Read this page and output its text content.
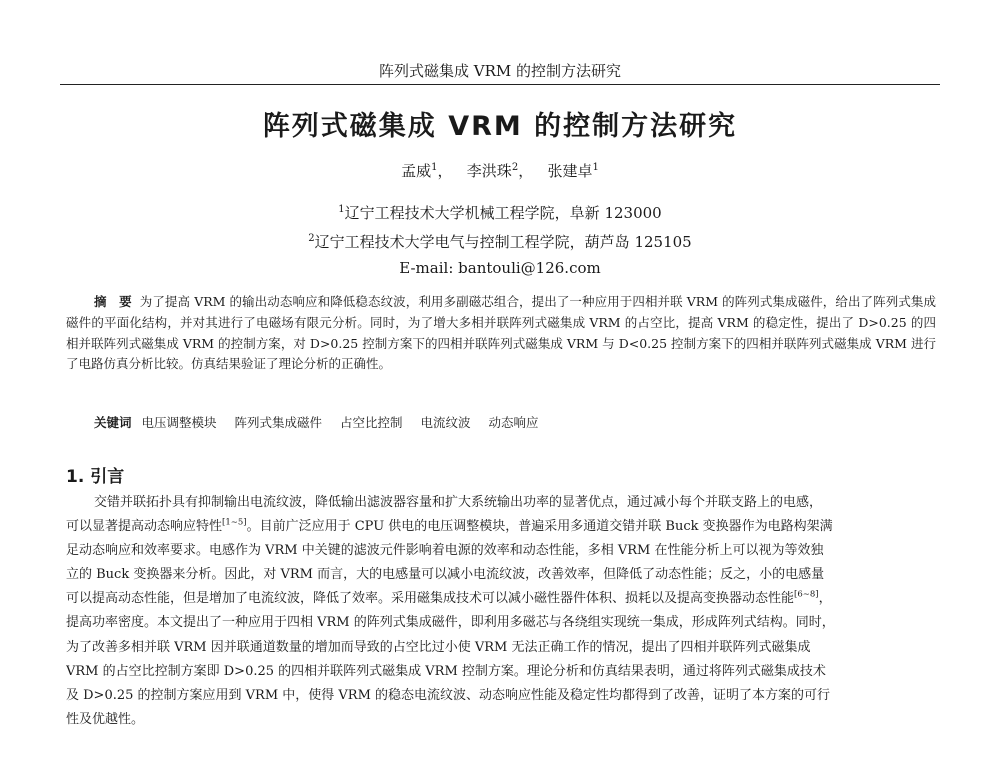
阵列式磁集成 VRM 的控制方法研究
阵列式磁集成 VRM 的控制方法研究
孟威$^1$， 李洪珠$^2$， 张建卓$^1$
$^1$辽宁工程技术大学机械工程学院，阜新 123000
$^2$辽宁工程技术大学电气与控制工程学院，葫芦岛 125105
E-mail: bantouli@126.com
摘　要 为了提高 VRM 的输出动态响应和降低稳态纹波，利用多副磁芯组合，提出了一种应用于四相并联 VRM 的阵列式集成磁件，给出了阵列式集成磁件的平面化结构，并对其进行了电磁场有限元分析。同时，为了增大多相并联阵列式磁集成 VRM 的占空比，提高 VRM 的稳定性，提出了 D>0.25 的四相并联阵列式磁集成 VRM 的控制方案，对 D>0.25 控制方案下的四相并联阵列式磁集成 VRM 与 D<0.25 控制方案下的四相并联阵列式磁集成 VRM 进行了电路仿真分析比较。仿真结果验证了理论分析的正确性。
关键词 电压调整模块 阵列式集成磁件 占空比控制 电流纹波 动态响应
1. 引言
交错并联拓扑具有抑制输出电流纹波，降低输出滤波器容量和扩大系统输出功率的显著优点，通过减小每个并联支路上的电感，
可以显著提高动态响应特性[1~5]。目前广泛应用于 CPU 供电的电压调整模块，普遍采用多通道交错并联 Buck 变换器作为电路构架满
足动态响应和效率要求。电感作为 VRM 中关键的滤波元件影响着电源的效率和动态性能，多相 VRM 在性能分析上可以视为等效独
立的 Buck 变换器来分析。因此，对 VRM 而言，大的电感量可以减小电流纹波，改善效率，但降低了动态性能；反之，小的电感量
可以提高动态性能，但是增加了电流纹波，降低了效率。采用磁集成技术可以减小磁性器件体积、损耗以及提高变换器动态性能[6~8]，
提高功率密度。本文提出了一种应用于四相 VRM 的阵列式集成磁件，即利用多磁芯与各绕组实现统一集成，形成阵列式结构。同时，
为了改善多相并联 VRM 因并联通道数量的增加而导致的占空比过小使 VRM 无法正确工作的情况，提出了四相并联阵列式磁集成
VRM 的占空比控制方案即 D>0.25 的四相并联阵列式磁集成 VRM 控制方案。理论分析和仿真结果表明，通过将阵列式磁集成技术
及 D>0.25 的控制方案应用到 VRM 中，使得 VRM 的稳态电流纹波、动态响应性能及稳定性均都得到了改善，证明了本方案的可行
性及优越性。
